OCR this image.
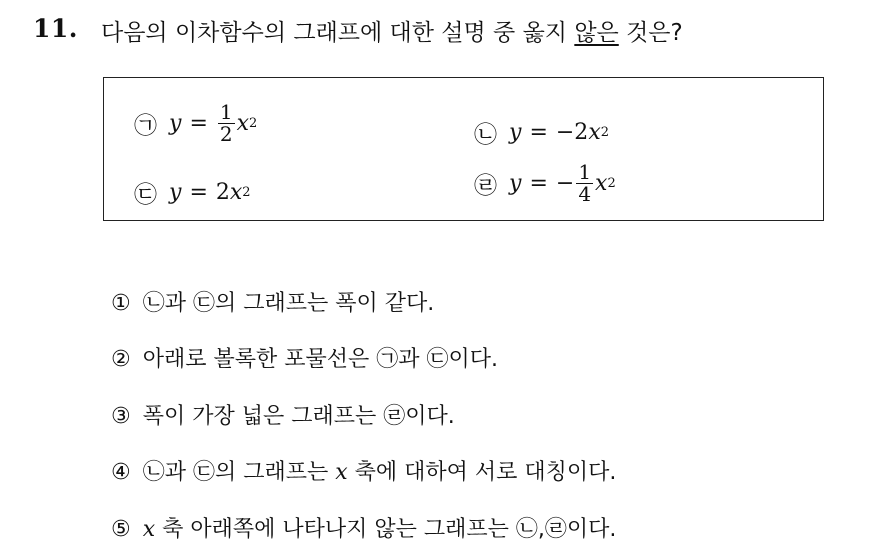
11. 다음의 이차함수의 그래프에 대한 설명 중 옳지 않은 것은?
㉠ $y = \frac{1}{2}$ x 2	㉡ y = −2 x 2
㉢ y = 2 x 2	㉣ y = − $\frac{1}{4}$ x 2
① ㉡과 ㉢의 그래프는 폭이 같다.
② 아래로 볼록한 포물선은 ㉠과 ㉢이다.
③ 폭이 가장 넓은 그래프는 ㉣이다.
④ ㉡과 ㉢의 그래프는 x 축에 대하여 서로 대칭이다.
⑤ x 축 아래쪽에 나타나지 않는 그래프는 ㉡,㉣이다.
